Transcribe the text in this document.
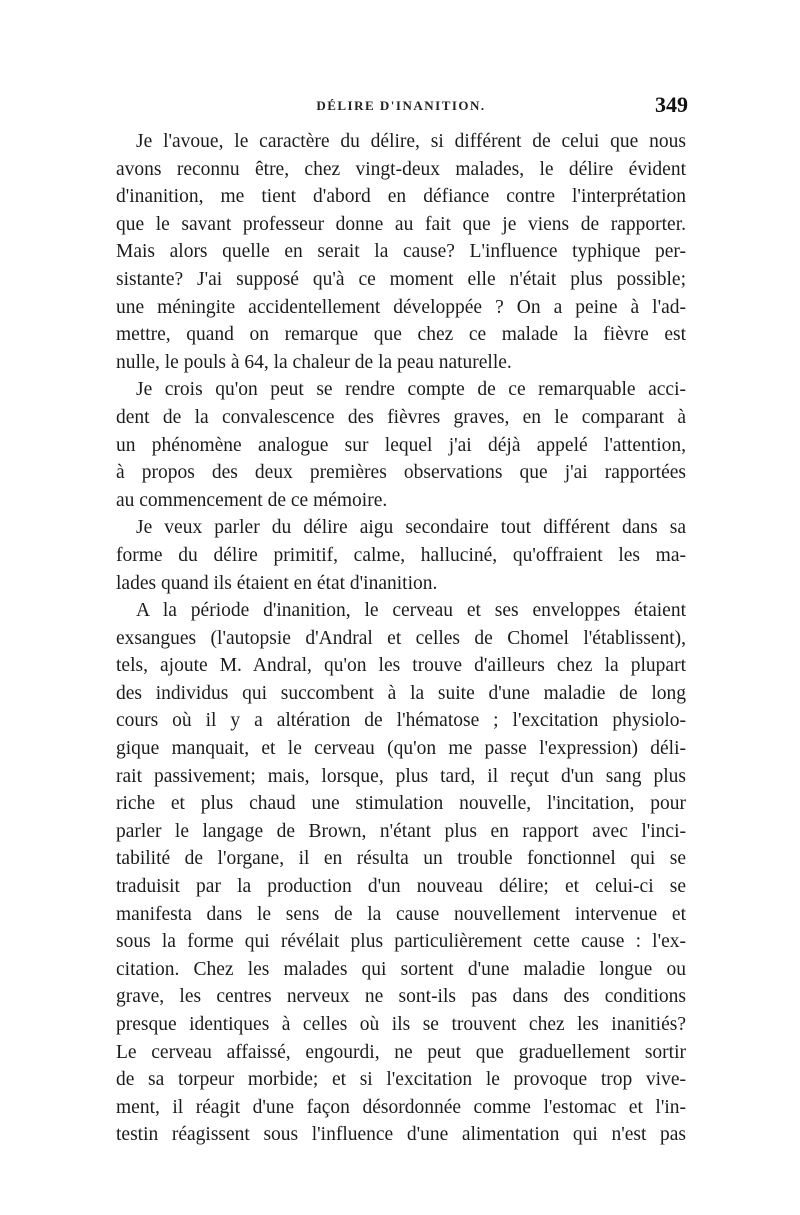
DÉLIRE D'INANITION.	349
Je l'avoue, le caractère du délire, si différent de celui que nous
avons reconnu être, chez vingt-deux malades, le délire évident
d'inanition, me tient d'abord en défiance contre l'interprétation
que le savant professeur donne au fait que je viens de rapporter.
Mais alors quelle en serait la cause? L'influence typhique per-
sistante? J'ai supposé qu'à ce moment elle n'était plus possible;
une méningite accidentellement développée ? On a peine à l'ad-
mettre, quand on remarque que chez ce malade la fièvre est
nulle, le pouls à 64, la chaleur de la peau naturelle.
Je crois qu'on peut se rendre compte de ce remarquable acci-
dent de la convalescence des fièvres graves, en le comparant à
un phénomène analogue sur lequel j'ai déjà appelé l'attention,
à propos des deux premières observations que j'ai rapportées
au commencement de ce mémoire.
Je veux parler du délire aigu secondaire tout différent dans sa
forme du délire primitif, calme, halluciné, qu'offraient les ma-
lades quand ils étaient en état d'inanition.
A la période d'inanition, le cerveau et ses enveloppes étaient
exsangues (l'autopsie d'Andral et celles de Chomel l'établissent),
tels, ajoute M. Andral, qu'on les trouve d'ailleurs chez la plupart
des individus qui succombent à la suite d'une maladie de long
cours où il y a altération de l'hématose ; l'excitation physiolo-
gique manquait, et le cerveau (qu'on me passe l'expression) déli-
rait passivement; mais, lorsque, plus tard, il reçut d'un sang plus
riche et plus chaud une stimulation nouvelle, l'incitation, pour
parler le langage de Brown, n'étant plus en rapport avec l'inci-
tabilité de l'organe, il en résulta un trouble fonctionnel qui se
traduisit par la production d'un nouveau délire; et celui-ci se
manifesta dans le sens de la cause nouvellement intervenue et
sous la forme qui révélait plus particulièrement cette cause : l'ex-
citation. Chez les malades qui sortent d'une maladie longue ou
grave, les centres nerveux ne sont-ils pas dans des conditions
presque identiques à celles où ils se trouvent chez les inanitiés?
Le cerveau affaissé, engourdi, ne peut que graduellement sortir
de sa torpeur morbide; et si l'excitation le provoque trop vive-
ment, il réagit d'une façon désordonnée comme l'estomac et l'in-
testin réagissent sous l'influence d'une alimentation qui n'est pas
